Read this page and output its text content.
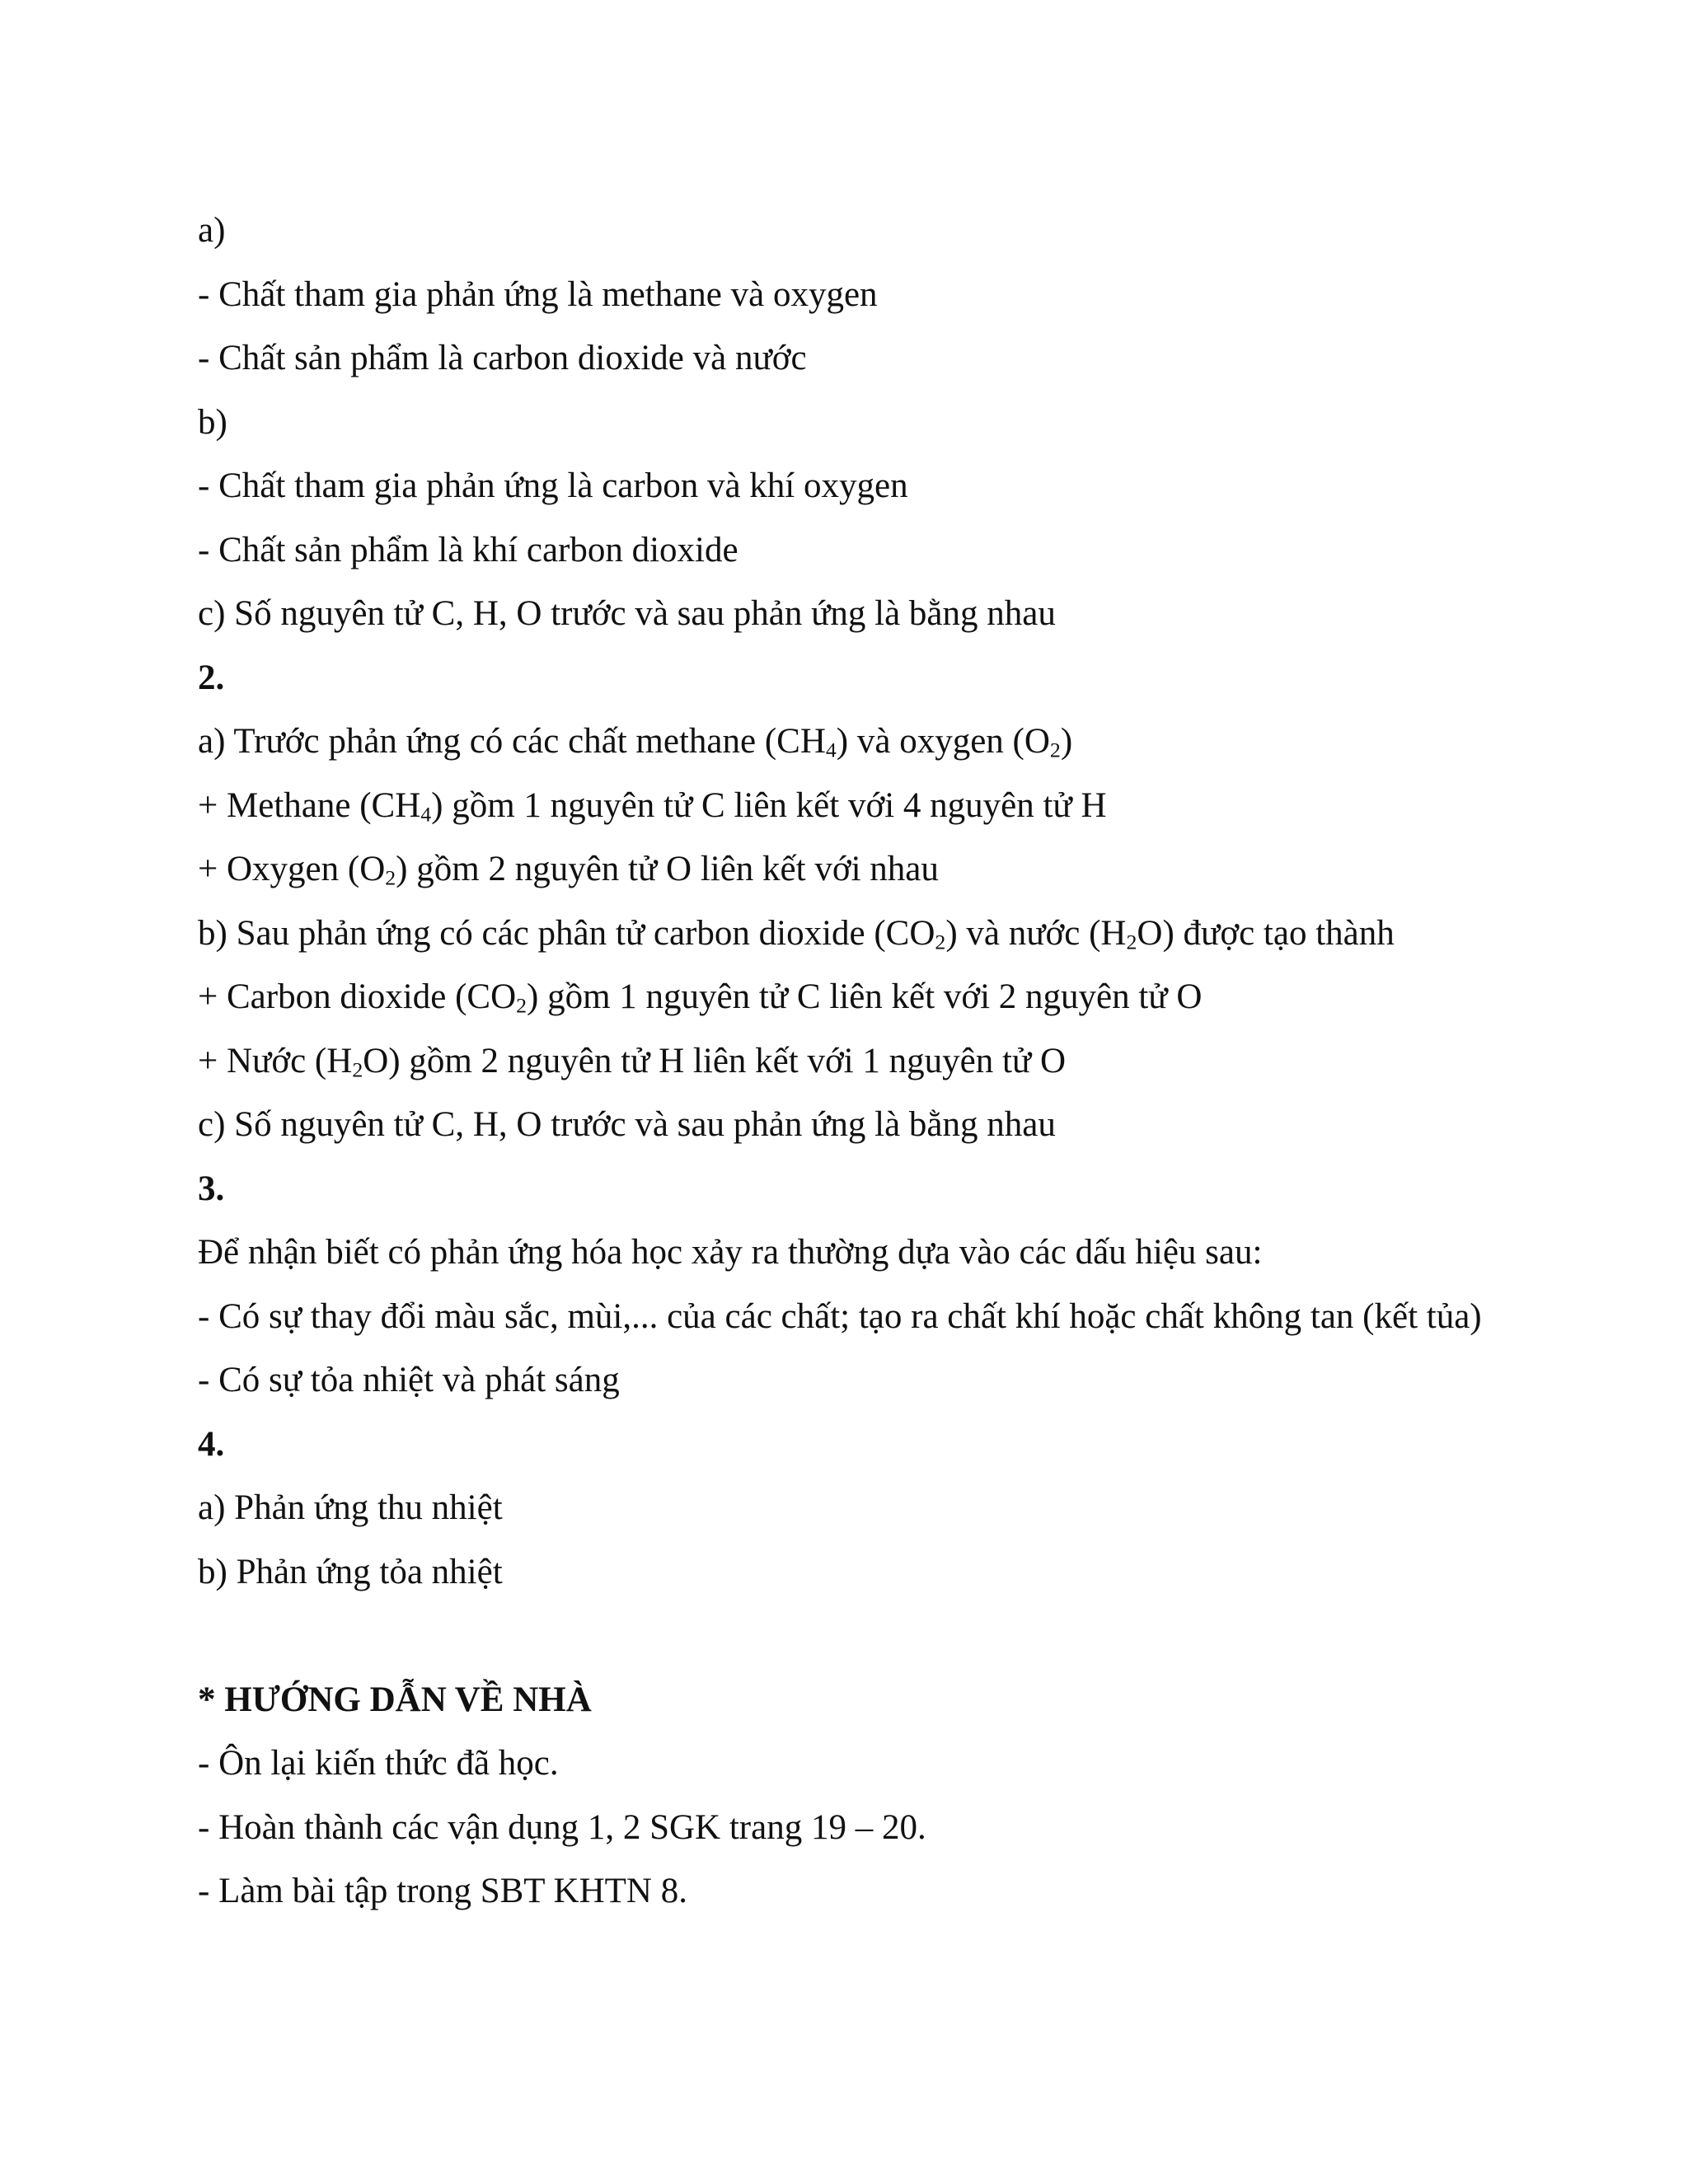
a)
- Chất tham gia phản ứng là methane và oxygen
- Chất sản phẩm là carbon dioxide và nước
b)
- Chất tham gia phản ứng là carbon và khí oxygen
- Chất sản phẩm là khí carbon dioxide
c) Số nguyên tử C, H, O trước và sau phản ứng là bằng nhau
2.
a) Trước phản ứng có các chất methane $(CH_4)$ và oxygen $(O_2)$
+ Methane $(CH_4)$ gồm 1 nguyên tử C liên kết với 4 nguyên tử H
+ Oxygen $(O_2)$ gồm 2 nguyên tử O liên kết với nhau
b) Sau phản ứng có các phân tử carbon dioxide $(CO_2)$ và nước $(H_2O)$ được tạo thành
+ Carbon dioxide $(CO_2)$ gồm 1 nguyên tử C liên kết với 2 nguyên tử O
+ Nước $(H_2O)$ gồm 2 nguyên tử H liên kết với 1 nguyên tử O
c) Số nguyên tử C, H, O trước và sau phản ứng là bằng nhau
3.
Để nhận biết có phản ứng hóa học xảy ra thường dựa vào các dấu hiệu sau:
- Có sự thay đổi màu sắc, mùi,... của các chất; tạo ra chất khí hoặc chất không tan (kết tủa)
- Có sự tỏa nhiệt và phát sáng
4.
a) Phản ứng thu nhiệt
b) Phản ứng tỏa nhiệt
* HƯỚNG DẪN VỀ NHÀ
- Ôn lại kiến thức đã học.
- Hoàn thành các vận dụng 1, 2 SGK trang 19 – 20.
- Làm bài tập trong SBT KHTN 8.
